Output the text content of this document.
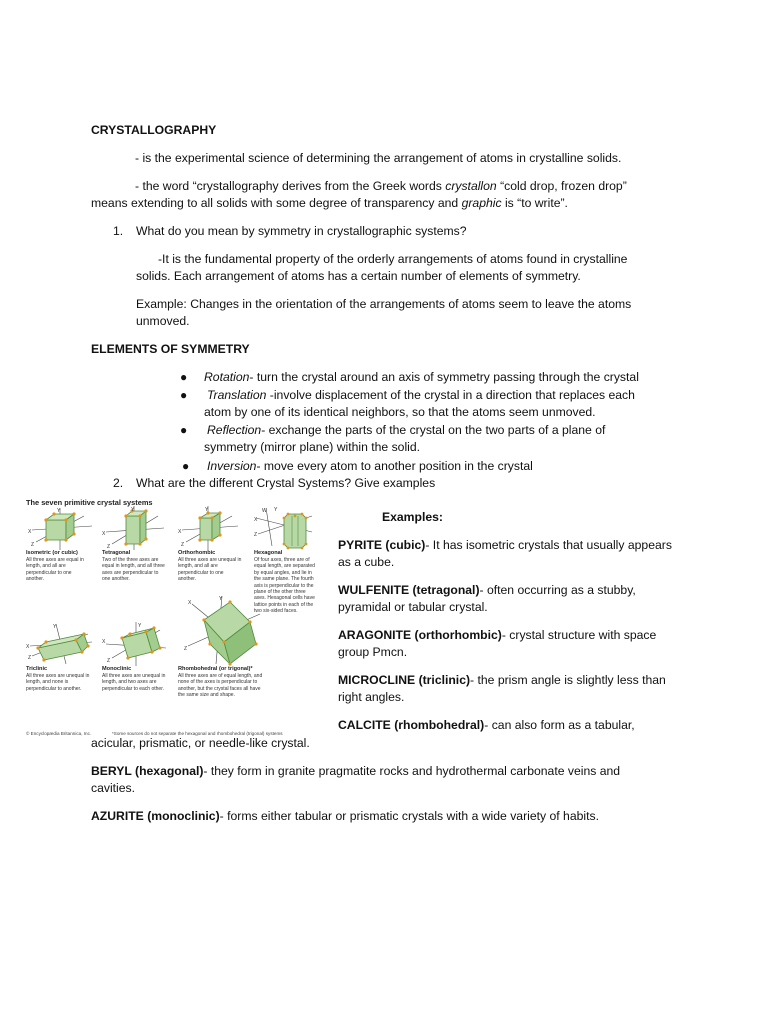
CRYSTALLOGRAPHY
- is the experimental science of determining the arrangement of atoms in crystalline solids.
- the word “crystallography derives from the Greek words crystallon “cold drop, frozen drop”
means extending to all solids with some degree of transparency and graphic is “to write”.
1. What do you mean by symmetry in crystallographic systems?
-It is the fundamental property of the orderly arrangements of atoms found in crystalline
solids. Each arrangement of atoms has a certain number of elements of symmetry.
Example: Changes in the orientation of the arrangements of atoms seem to leave the atoms
unmoved.
ELEMENTS OF SYMMETRY
● Rotation- turn the crystal around an axis of symmetry passing through the crystal
● Translation -involve displacement of the crystal in a direction that replaces each
atom by one of its identical neighbors, so that the atoms seem unmoved.
● Reflection- exchange the parts of the crystal on the two parts of a plane of
symmetry (mirror plane) within the solid.
● Inversion- move every atom to another position in the crystal
2. What are the different Crystal Systems? Give examples
The seven primitive crystal systems
X
Y
Z
Isometric (or cubic)
All three axes are equal in length, and all are perpendicular to one another.
X
Y
Z
Tetragonal
Two of the three axes are equal in length, and all three axes are perpendicular to one another.
X
Y
Z
Orthorhombic
All three axes are unequal in length, and all are perpendicular to one another.
W
X
Z
Y
Hexagonal
Of four axes, three are of equal length, are separated by equal angles, and lie in the same plane. The fourth axis is perpendicular to the plane of the other three axes. Hexagonal cells have lattice points in each of the two six-sided faces.
X
Y
Z
Triclinic
All three axes are unequal in length, and none is perpendicular to another.
X
Y
Z
Monoclinic
All three axes are unequal in length, and two axes are perpendicular to each other.
X
Y
Z
Rhombohedral (or trigonal)*
All three axes are of equal length, and none of the axes is perpendicular to another, but the crystal faces all have the same size and shape.
© Encyclopædia Britannica, Inc.	*Some sources do not separate the hexagonal and rhombohedral (trigonal) systems
Examples:
PYRITE (cubic)- It has isometric crystals that usually appears
as a cube.
WULFENITE (tetragonal)- often occurring as a stubby,
pyramidal or tabular crystal.
ARAGONITE (orthorhombic)- crystal structure with space
group Pmcn.
MICROCLINE (triclinic)- the prism angle is slightly less than
right angles.
CALCITE (rhombohedral)- can also form as a tabular,
acicular, prismatic, or needle-like crystal.
BERYL (hexagonal)- they form in granite pragmatite rocks and hydrothermal carbonate veins and
cavities.
AZURITE (monoclinic)- forms either tabular or prismatic crystals with a wide variety of habits.
